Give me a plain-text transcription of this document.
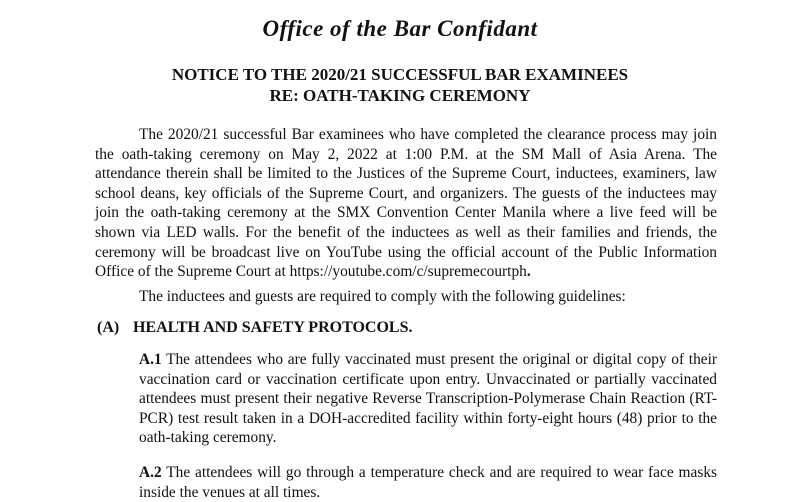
Office of the Bar Confidant
NOTICE TO THE 2020/21 SUCCESSFUL BAR EXAMINEES
RE: OATH-TAKING CEREMONY

The 2020/21 successful Bar examinees who have completed the clearance process may join the oath-taking ceremony on May 2, 2022 at 1:00 P.M. at the SM Mall of Asia Arena. The attendance therein shall be limited to the Justices of the Supreme Court, inductees, examiners, law school deans, key officials of the Supreme Court, and organizers. The guests of the inductees may join the oath-taking ceremony at the SMX Convention Center Manila where a live feed will be shown via LED walls. For the benefit of the inductees as well as their families and friends, the ceremony will be broadcast live on YouTube using the official account of the Public Information Office of the Supreme Court at https://youtube.com/c/supremecourtph.

The inductees and guests are required to comply with the following guidelines:

(A) HEALTH AND SAFETY PROTOCOLS.

A.1 The attendees who are fully vaccinated must present the original or digital copy of their vaccination card or vaccination certificate upon entry. Unvaccinated or partially vaccinated attendees must present their negative Reverse Transcription-Polymerase Chain Reaction (RT-PCR) test result taken in a DOH-accredited facility within forty-eight hours (48) prior to the oath-taking ceremony.

A.2 The attendees will go through a temperature check and are required to wear face masks inside the venues at all times.
